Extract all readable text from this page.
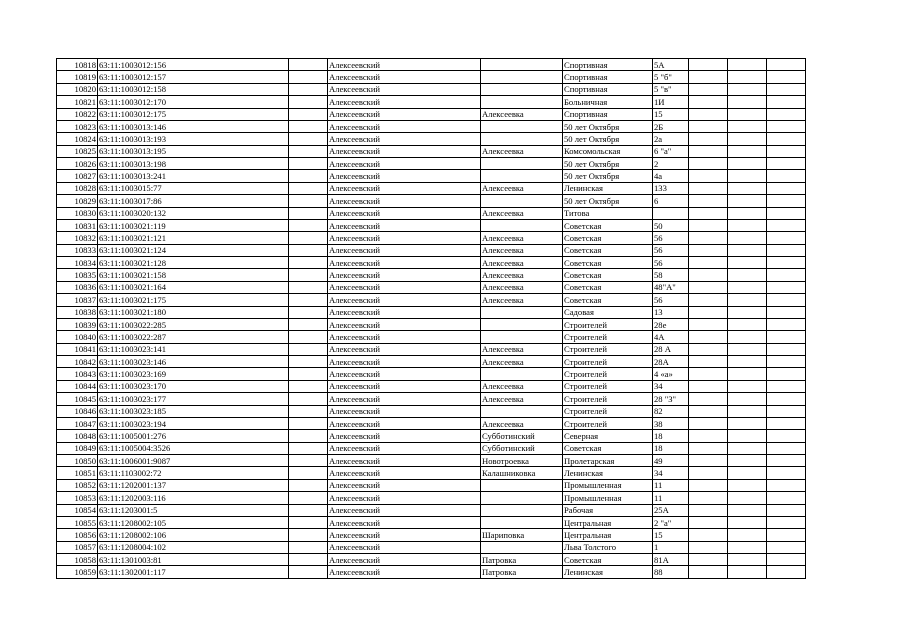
10818	63:11:1003012:156		Алексеевский		Спортивная	5А			
10819	63:11:1003012:157		Алексеевский		Спортивная	5 "б"			
10820	63:11:1003012:158		Алексеевский		Спортивная	5 "в"			
10821	63:11:1003012:170		Алексеевский		Больничная	1И			
10822	63:11:1003012:175		Алексеевский	Алексеевка	Спортивная	15			
10823	63:11:1003013:146		Алексеевский		50 лет Октября	2Б			
10824	63:11:1003013:193		Алексеевский		50 лет Октября	2а			
10825	63:11:1003013:195		Алексеевский	Алексеевка	Комсомольская	6 "а"			
10826	63:11:1003013:198		Алексеевский		50 лет Октября	2			
10827	63:11:1003013:241		Алексеевский		50 лет Октября	4а			
10828	63:11:1003015:77		Алексеевский	Алексеевка	Ленинская	133			
10829	63:11:1003017:86		Алексеевский		50 лет Октября	6			
10830	63:11:1003020:132		Алексеевский	Алексеевка	Титова				
10831	63:11:1003021:119		Алексеевский		Советская	50			
10832	63:11:1003021:121		Алексеевский	Алексеевка	Советская	56			
10833	63:11:1003021:124		Алексеевский	Алексеевка	Советская	56			
10834	63:11:1003021:128		Алексеевский	Алексеевка	Советская	56			
10835	63:11:1003021:158		Алексеевский	Алексеевка	Советская	58			
10836	63:11:1003021:164		Алексеевский	Алексеевка	Советская	48"А"			
10837	63:11:1003021:175		Алексеевский	Алексеевка	Советская	56			
10838	63:11:1003021:180		Алексеевский		Садовая	13			
10839	63:11:1003022:285		Алексеевский		Строителей	28е			
10840	63:11:1003022:287		Алексеевский		Строителей	4А			
10841	63:11:1003023:141		Алексеевский	Алексеевка	Строителей	28 А			
10842	63:11:1003023:146		Алексеевский	Алексеевка	Строителей	28А			
10843	63:11:1003023:169		Алексеевский		Строителей	4 «а»			
10844	63:11:1003023:170		Алексеевский	Алексеевка	Строителей	34			
10845	63:11:1003023:177		Алексеевский	Алексеевка	Строителей	28 "З"			
10846	63:11:1003023:185		Алексеевский		Строителей	82			
10847	63:11:1003023:194		Алексеевский	Алексеевка	Строителей	38			
10848	63:11:1005001:276		Алексеевский	Субботинский	Северная	18			
10849	63:11:1005004:3526		Алексеевский	Субботинский	Советская	18			
10850	63:11:1006001:9087		Алексеевский	Новотроевка	Пролетарская	49			
10851	63:11:1103002:72		Алексеевский	Калашниковка	Ленинская	34			
10852	63:11:1202001:137		Алексеевский		Промышленная	11			
10853	63:11:1202003:116		Алексеевский		Промышленная	11			
10854	63:11:1203001:5		Алексеевский		Рабочая	25А			
10855	63:11:1208002:105		Алексеевский		Центральная	2 "а"			
10856	63:11:1208002:106		Алексеевский	Шариповка	Центральная	15			
10857	63:11:1208004:102		Алексеевский		Льва Толстого	1			
10858	63:11:1301003:81		Алексеевский	Патровка	Советская	81А			
10859	63:11:1302001:117		Алексеевский	Патровка	Ленинская	88			
